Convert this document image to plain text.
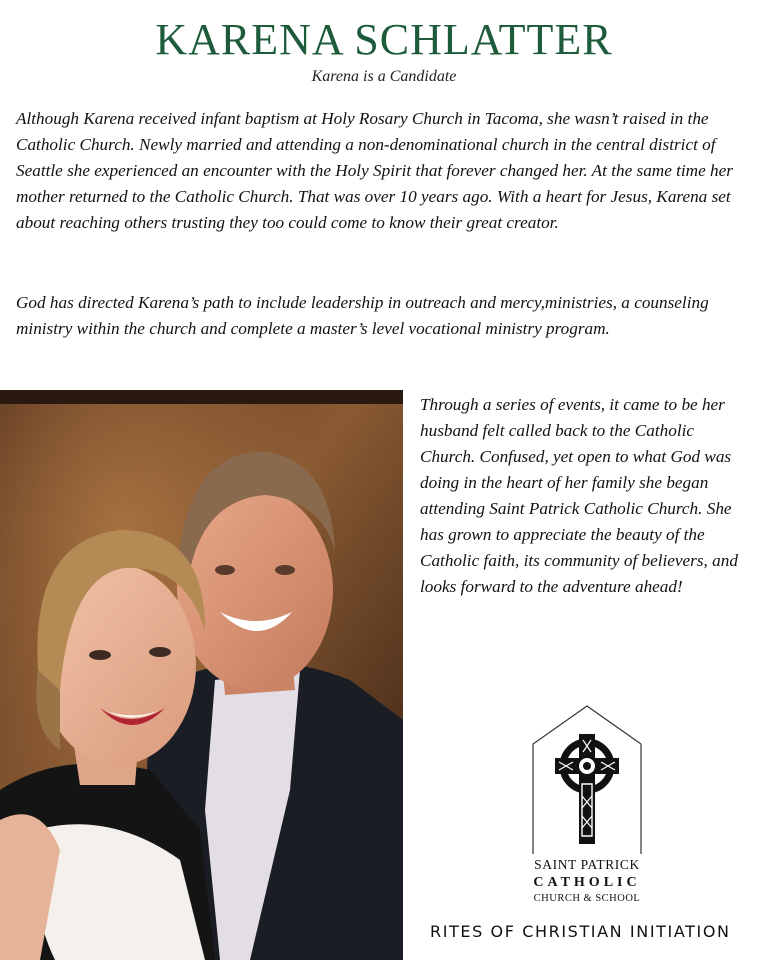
KARENA SCHLATTER
Karena is a Candidate

Although Karena received infant baptism at Holy Rosary Church in Tacoma, she wasn’t raised in the Catholic Church. Newly married and attending a non-denominational church in the central district of Seattle she experienced an encounter with the Holy Spirit that forever changed her. At the same time her mother returned to the Catholic Church. That was over 10 years ago. With a heart for Jesus, Karena set about reaching others trusting they too could come to know their great creator.

God has directed Karena’s path to include leadership in outreach and mercy,ministries, a counseling ministry within the church and complete a master’s level vocational ministry program.

Through a series of events, it came to be her husband felt called back to the Catholic Church. Confused, yet open to what God was doing in the heart of her family she began attending Saint Patrick Catholic Church. She has grown to appreciate the beauty of the Catholic faith, its community of believers, and looks forward to the adventure ahead!

SAINT PATRICK
CATHOLIC
CHURCH & SCHOOL
RITES OF CHRISTIAN INITIATION
